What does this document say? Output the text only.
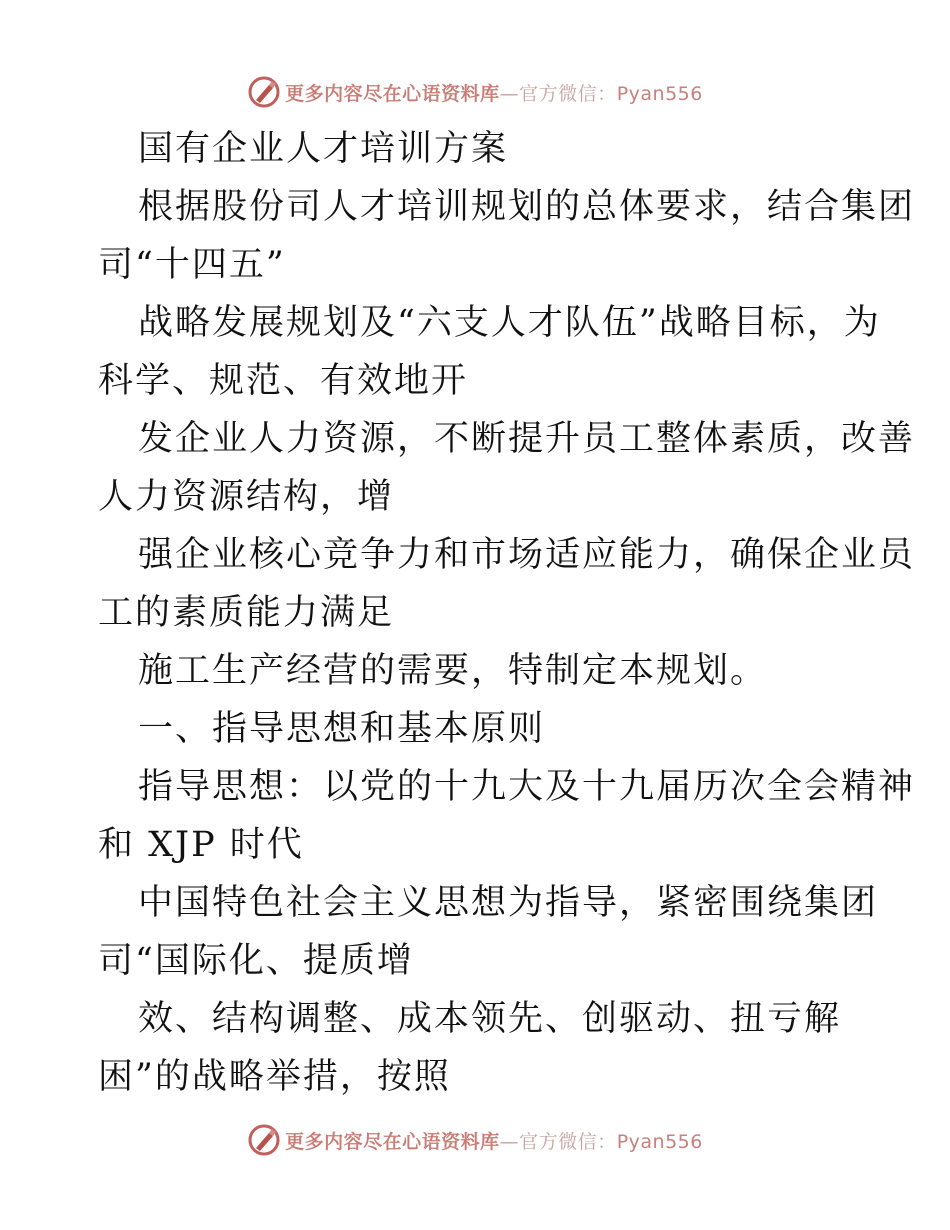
更多内容尽在心语资料库—官方微信：Pyan556
国有企业人才培训方案
根据股份司人才培训规划的总体要求，结合集团
司“十四五”
战略发展规划及“六支人才队伍”战略目标，为
科学、规范、有效地开
发企业人力资源，不断提升员工整体素质，改善
人力资源结构，增
强企业核心竞争力和市场适应能力，确保企业员
工的素质能力满足
施工生产经营的需要，特制定本规划。
一、指导思想和基本原则
指导思想：以党的十九大及十九届历次全会精神
和 XJP 时代
中国特色社会主义思想为指导，紧密围绕集团
司“国际化、提质增
效、结构调整、成本领先、创驱动、扭亏解
困”的战略举措，按照
更多内容尽在心语资料库—官方微信：Pyan556
